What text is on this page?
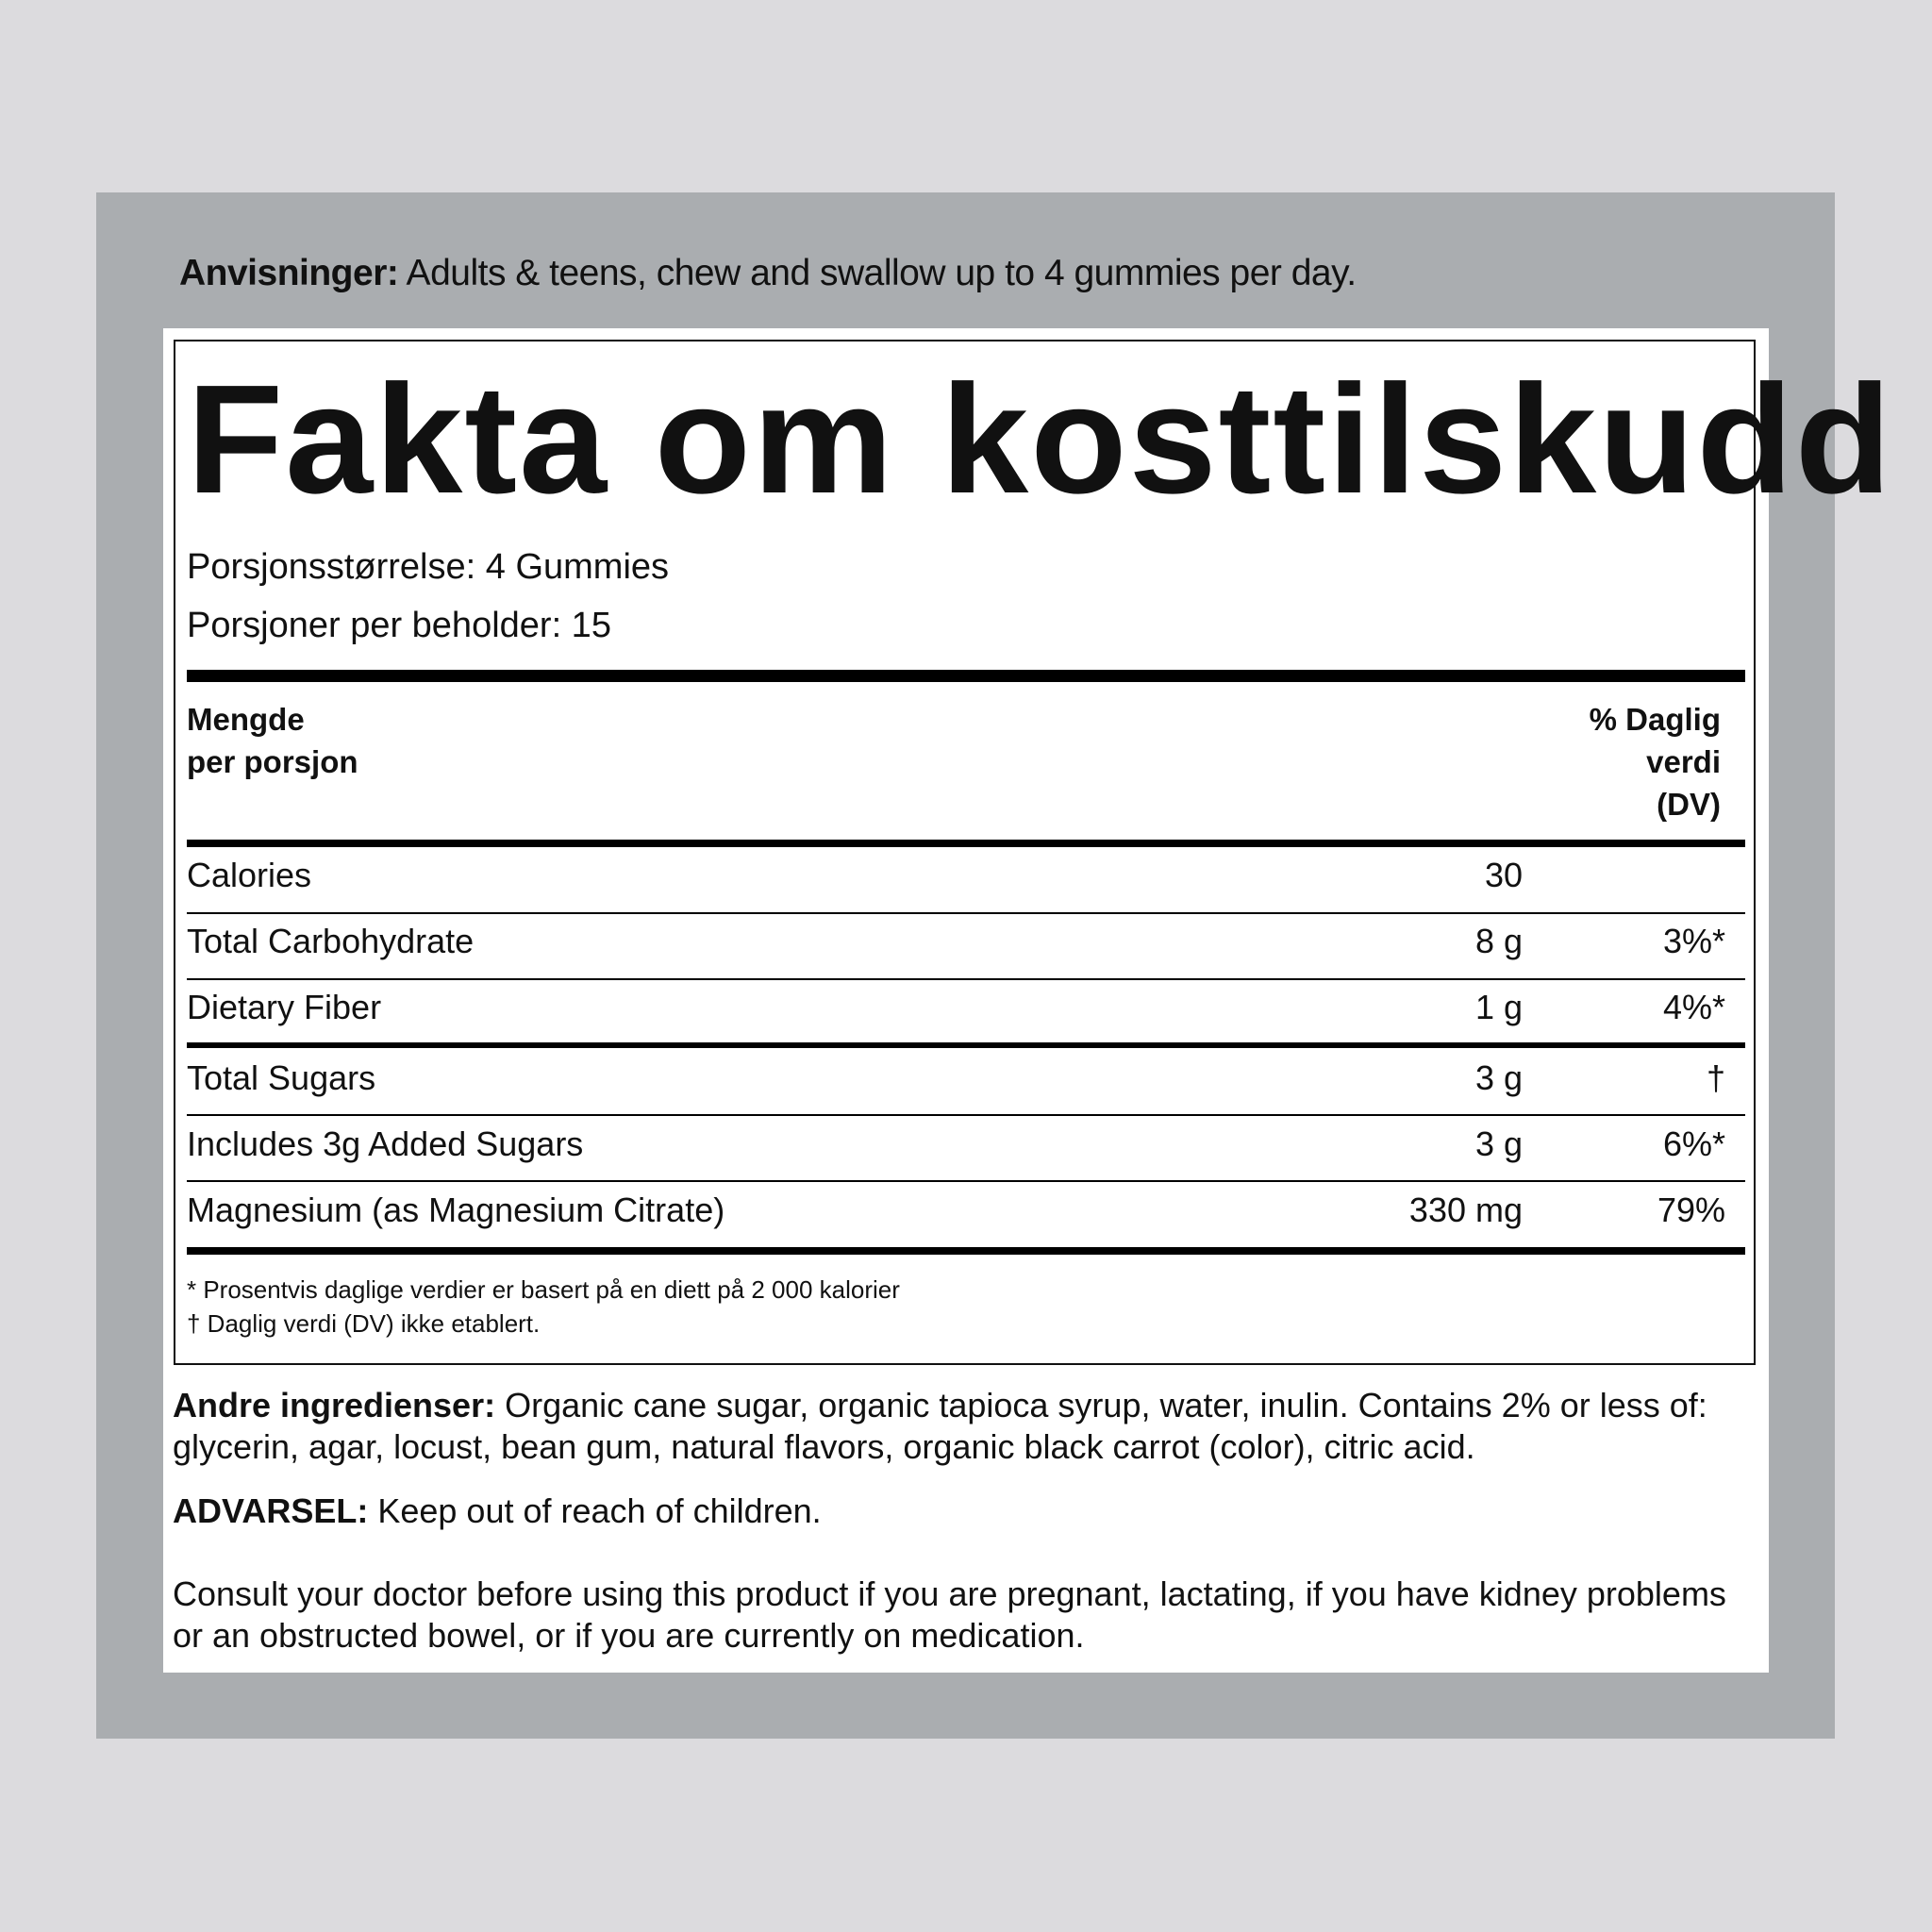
Anvisninger: Adults & teens, chew and swallow up to 4 gummies per day.
Fakta om kosttilskudd
Porsjonsstørrelse: 4 Gummies
Porsjoner per beholder: 15
Mengde
per porsjon
% Daglig
verdi
(DV)
Calories	30
Total Carbohydrate	8 g	3%*
Dietary Fiber	1 g	4%*
Total Sugars	3 g	†
Includes 3g Added Sugars	3 g	6%*
Magnesium (as Magnesium Citrate)	330 mg	79%
* Prosentvis daglige verdier er basert på en diett på 2 000 kalorier
† Daglig verdi (DV) ikke etablert.
Andre ingredienser: Organic cane sugar, organic tapioca syrup, water, inulin. Contains 2% or less of: glycerin, agar, locust, bean gum, natural flavors, organic black carrot (color), citric acid.
ADVARSEL: Keep out of reach of children.
Consult your doctor before using this product if you are pregnant, lactating, if you have kidney problems or an obstructed bowel, or if you are currently on medication.
